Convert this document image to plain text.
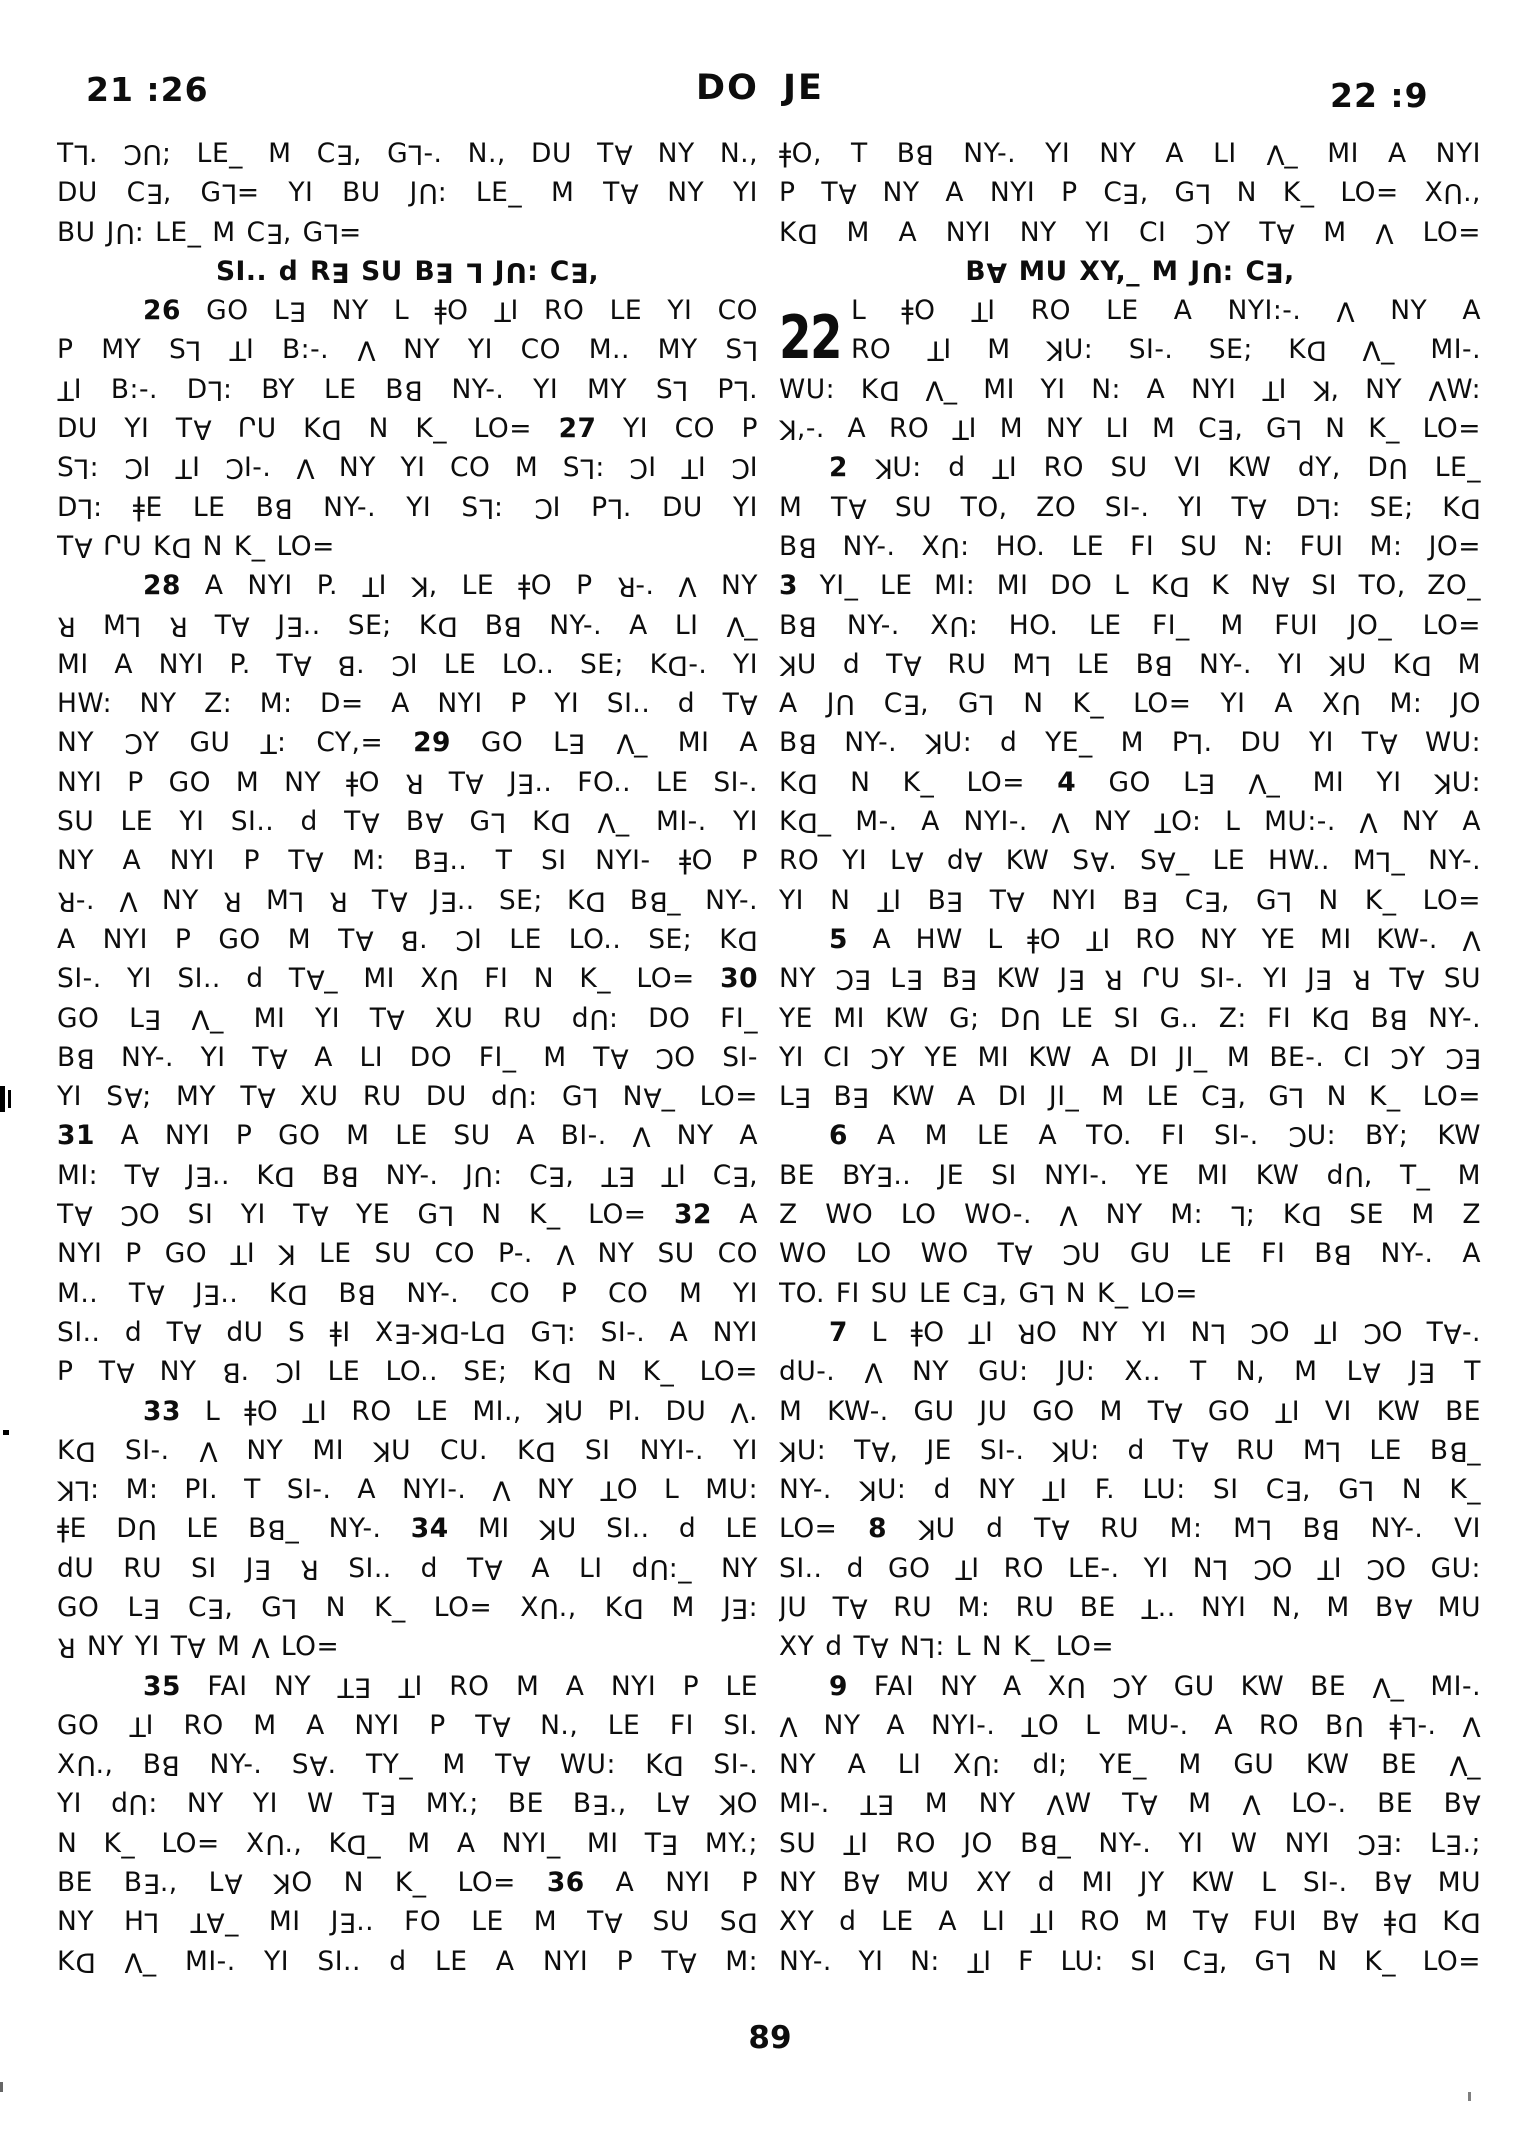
21 :26	DO JE	22 :9
TL. CU; LE_ M CE, GL-. N., DU TA NY N.,
DU CE, GL= YI BU JU: LE_ M TA NY YI
BU JU: LE_ M CE, GL=
SI.. d RE SU BE L JU: CE,
26 GO LE NY L ǂO TI RO LE YI CO
P MY SL TI B:-. V NY YI CO M.. MY SL
TI B:-. DL: BY LE BB NY-. YI MY SL PL.
DU YI TA ՐU KD N K_ LO= 27 YI CO P
SL: CI TI CI-. V NY YI CO M SL: CI TI CI
DL: ǂE LE BB NY-. YI SL: CI PL. DU YI
TA ՐU KD N K_ LO=
28 A NYI P. TI K, LE ǂO P R-. V NY
R ML R TA JE.. SE; KD BB NY-. A LI V_
MI A NYI P. TA B. CI LE LO.. SE; KD-. YI
HW: NY Z: M: D= A NYI P YI SI.. d TA
NY CY GU T: CY,= 29 GO LE V_ MI A
NYI P GO M NY ǂO R TA JE.. FO.. LE SI-.
SU LE YI SI.. d TA BA GL KD V_ MI-. YI
NY A NYI P TA M: BE.. T SI NYI- ǂO P
R-. V NY R ML R TA JE.. SE; KD BB_ NY-.
A NYI P GO M TA B. CI LE LO.. SE; KD
SI-. YI SI.. d TA_ MI XU FI N K_ LO= 30
GO LE V_ MI YI TA XU RU dU: DO FI_
BB NY-. YI TA A LI DO FI_ M TA CO SI-
YI SA; MY TA XU RU DU dU: GL NA_ LO=
31 A NYI P GO M LE SU A BI-. V NY A
MI: TA JE.. KD BB NY-. JU: CE, TE TI CE,
TA CO SI YI TA YE GL N K_ LO= 32 A
NYI P GO TI K LE SU CO P-. V NY SU CO
M.. TA JE.. KD BB NY-. CO P CO M YI
SI.. d TA dU S ǂI XE-KD-LD GL: SI-. A NYI
P TA NY B. CI LE LO.. SE; KD N K_ LO=
33 L ǂO TI RO LE MI., KU PI. DU V.
KD SI-. V NY MI KU CU. KD SI NYI-. YI
KL: M: PI. T SI-. A NYI-. V NY TO L MU:
ǂE DU LE BB_ NY-. 34 MI KU SI.. d LE
dU RU SI JE R SI.. d TA A LI dU:_ NY
GO LE CE, GL N K_ LO= XU., KD M JE:
R NY YI TA M V LO=
35 FAI NY TE TI RO M A NYI P LE
GO TI RO M A NYI P TA N., LE FI SI.
XU., BB NY-. SA. TY_ M TA WU: KD SI-.
YI dU: NY YI W TE MY.; BE BE., LA KO
N K_ LO= XU., KD_ M A NYI_ MI TE MY.;
BE BE., LA KO N K_ LO= 36 A NYI P
NY HL TA_ MI JE.. FO LE M TA SU SD
KD V_ MI-. YI SI.. d LE A NYI P TA M:
22
ǂO, T BB NY-. YI NY A LI V_ MI A NYI
P TA NY A NYI P CE, GL N K_ LO= XU.,
KD M A NYI NY YI CI CY TA M V LO=
BA MU XY,_ M JU: CE,
L ǂO TI RO LE A NYI:-. V NY A
RO TI M KU: SI-. SE; KD V_ MI-.
WU: KD V_ MI YI N: A NYI TI K, NY VW:
K,-. A RO TI M NY LI M CE, GL N K_ LO=
2 KU: d TI RO SU VI KW dY, DU LE_
M TA SU TO, ZO SI-. YI TA DL: SE; KD
BB NY-. XU: HO. LE FI SU N: FUI M: JO=
3 YI_ LE MI: MI DO L KD K NA SI TO, ZO_
BB NY-. XU: HO. LE FI_ M FUI JO_ LO=
KU d TA RU ML LE BB NY-. YI KU KD M
A JU CE, GL N K_ LO= YI A XU M: JO
BB NY-. KU: d YE_ M PL. DU YI TA WU:
KD N K_ LO= 4 GO LE V_ MI YI KU:
KD_ M-. A NYI-. V NY TO: L MU:-. V NY A
RO YI LA dA KW SA. SA_ LE HW.. ML_ NY-.
YI N TI BE TA NYI BE CE, GL N K_ LO=
5 A HW L ǂO TI RO NY YE MI KW-. V
NY CE LE BE KW JE R ՐU SI-. YI JE R TA SU
YE MI KW G; DU LE SI G.. Z: FI KD BB NY-.
YI CI CY YE MI KW A DI JI_ M BE-. CI CY CE
LE BE KW A DI JI_ M LE CE, GL N K_ LO=
6 A M LE A TO. FI SI-. CU: BY; KW
BE BYE.. JE SI NYI-. YE MI KW dU, T_ M
Z WO LO WO-. V NY M: L; KD SE M Z
WO LO WO TA CU GU LE FI BB NY-. A
TO. FI SU LE CE, GL N K_ LO=
7 L ǂO TI RO NY YI NL CO TI CO TA-.
dU-. V NY GU: JU: X.. T N, M LA JE T
M KW-. GU JU GO M TA GO TI VI KW BE
KU: TA, JE SI-. KU: d TA RU ML LE BB_
NY-. KU: d NY TI F. LU: SI CE, GL N K_
LO= 8 KU d TA RU M: ML BB NY-. VI
SI.. d GO TI RO LE-. YI NL CO TI CO GU:
JU TA RU M: RU BE T.. NYI N, M BA MU
XY d TA NL: L N K_ LO=
9 FAI NY A XU CY GU KW BE V_ MI-.
V NY A NYI-. TO L MU-. A RO BU ǂL-. V
NY A LI XU: dI; YE_ M GU KW BE V_
MI-. TE M NY VW TA M V LO-. BE BA
SU TI RO JO BB_ NY-. YI W NYI CE: LE.;
NY BA MU XY d MI JY KW L SI-. BA MU
XY d LE A LI TI RO M TA FUI BA ǂD KD
NY-. YI N: TI F LU: SI CE, GL N K_ LO=
89
